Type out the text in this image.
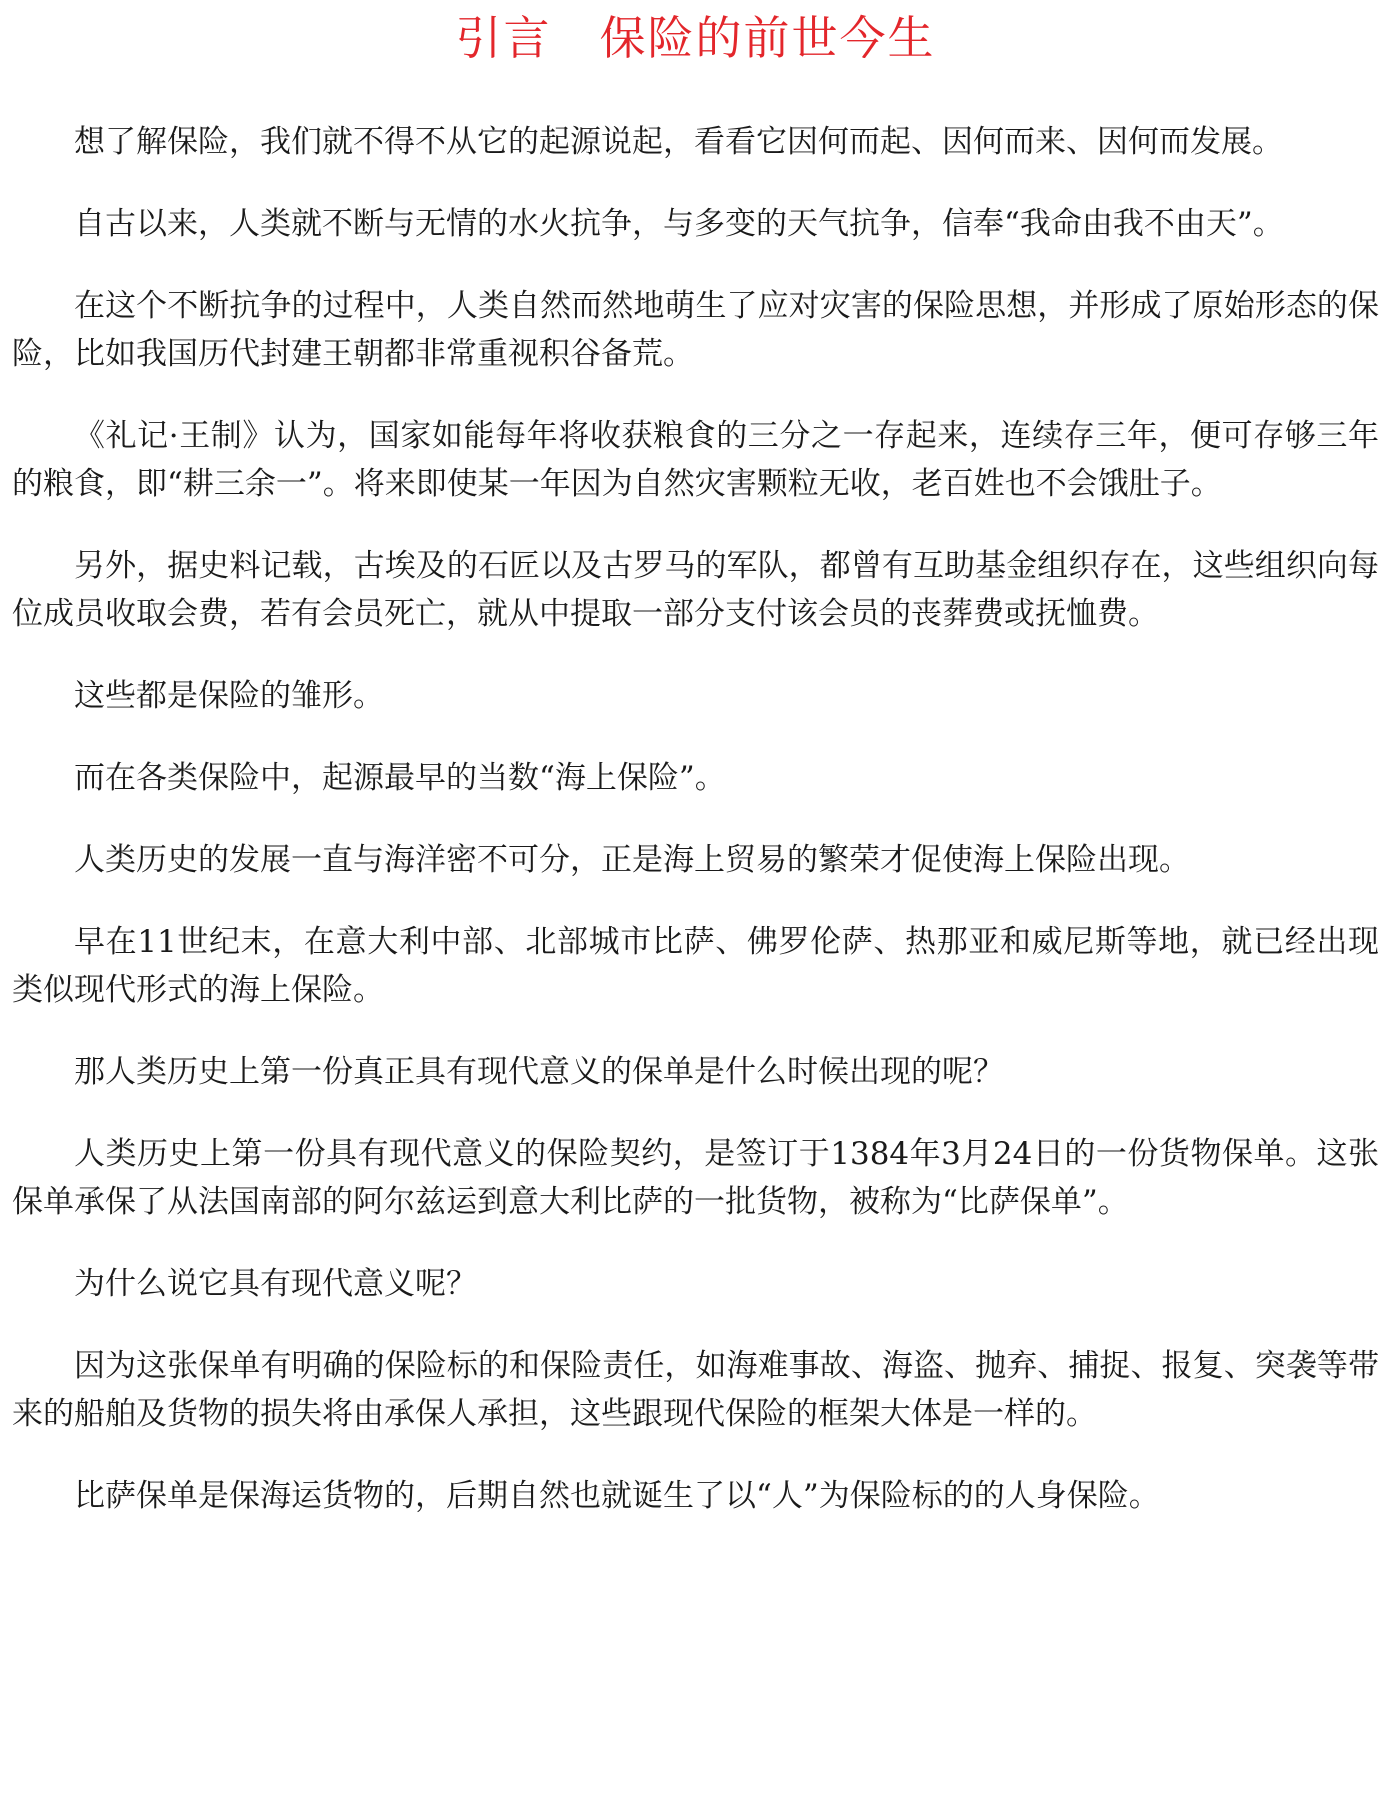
引言　保险的前世今生

想了解保险，我们就不得不从它的起源说起，看看它因何而起、因何而来、因何而发展。

自古以来，人类就不断与无情的水火抗争，与多变的天气抗争，信奉“我命由我不由天”。

在这个不断抗争的过程中，人类自然而然地萌生了应对灾害的保险思想，并形成了原始形态的保险，比如我国历代封建王朝都非常重视积谷备荒。

《礼记·王制》认为，国家如能每年将收获粮食的三分之一存起来，连续存三年，便可存够三年的粮食，即“耕三余一”。将来即使某一年因为自然灾害颗粒无收，老百姓也不会饿肚子。

另外，据史料记载，古埃及的石匠以及古罗马的军队，都曾有互助基金组织存在，这些组织向每位成员收取会费，若有会员死亡，就从中提取一部分支付该会员的丧葬费或抚恤费。

这些都是保险的雏形。

而在各类保险中，起源最早的当数“海上保险”。

人类历史的发展一直与海洋密不可分，正是海上贸易的繁荣才促使海上保险出现。

早在11世纪末，在意大利中部、北部城市比萨、佛罗伦萨、热那亚和威尼斯等地，就已经出现类似现代形式的海上保险。

那人类历史上第一份真正具有现代意义的保单是什么时候出现的呢？

人类历史上第一份具有现代意义的保险契约，是签订于1384年3月24日的一份货物保单。这张保单承保了从法国南部的阿尔兹运到意大利比萨的一批货物，被称为“比萨保单”。

为什么说它具有现代意义呢？

因为这张保单有明确的保险标的和保险责任，如海难事故、海盗、抛弃、捕捉、报复、突袭等带来的船舶及货物的损失将由承保人承担，这些跟现代保险的框架大体是一样的。

比萨保单是保海运货物的，后期自然也就诞生了以“人”为保险标的的人身保险。
